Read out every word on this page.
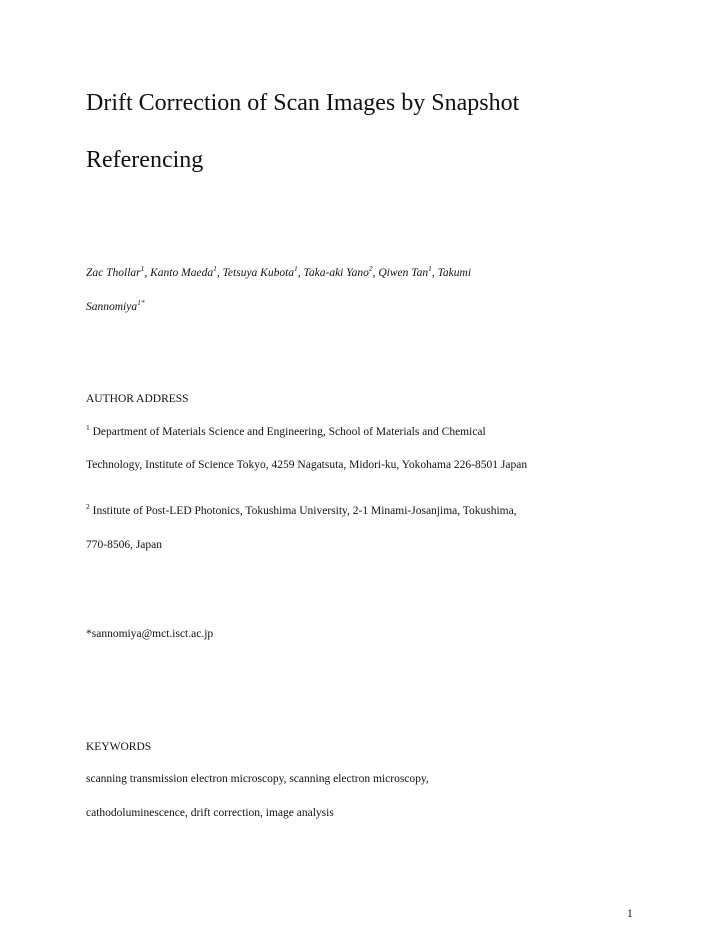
Drift Correction of Scan Images by Snapshot
Referencing
Zac Thollar$^1$, Kanto Maeda$^1$, Tetsuya Kubota$^1$, Taka-aki Yano$^2$, Qiwen Tan$^1$, Takumi
Sannomiya$^{1*}$
AUTHOR ADDRESS
$^1$ Department of Materials Science and Engineering, School of Materials and Chemical
Technology, Institute of Science Tokyo, 4259 Nagatsuta, Midori-ku, Yokohama 226-8501 Japan
$^2$ Institute of Post-LED Photonics, Tokushima University, 2-1 Minami-Josanjima, Tokushima,
770-8506, Japan
*sannomiya@mct.isct.ac.jp
KEYWORDS
scanning transmission electron microscopy, scanning electron microscopy,
cathodoluminescence, drift correction, image analysis
1
